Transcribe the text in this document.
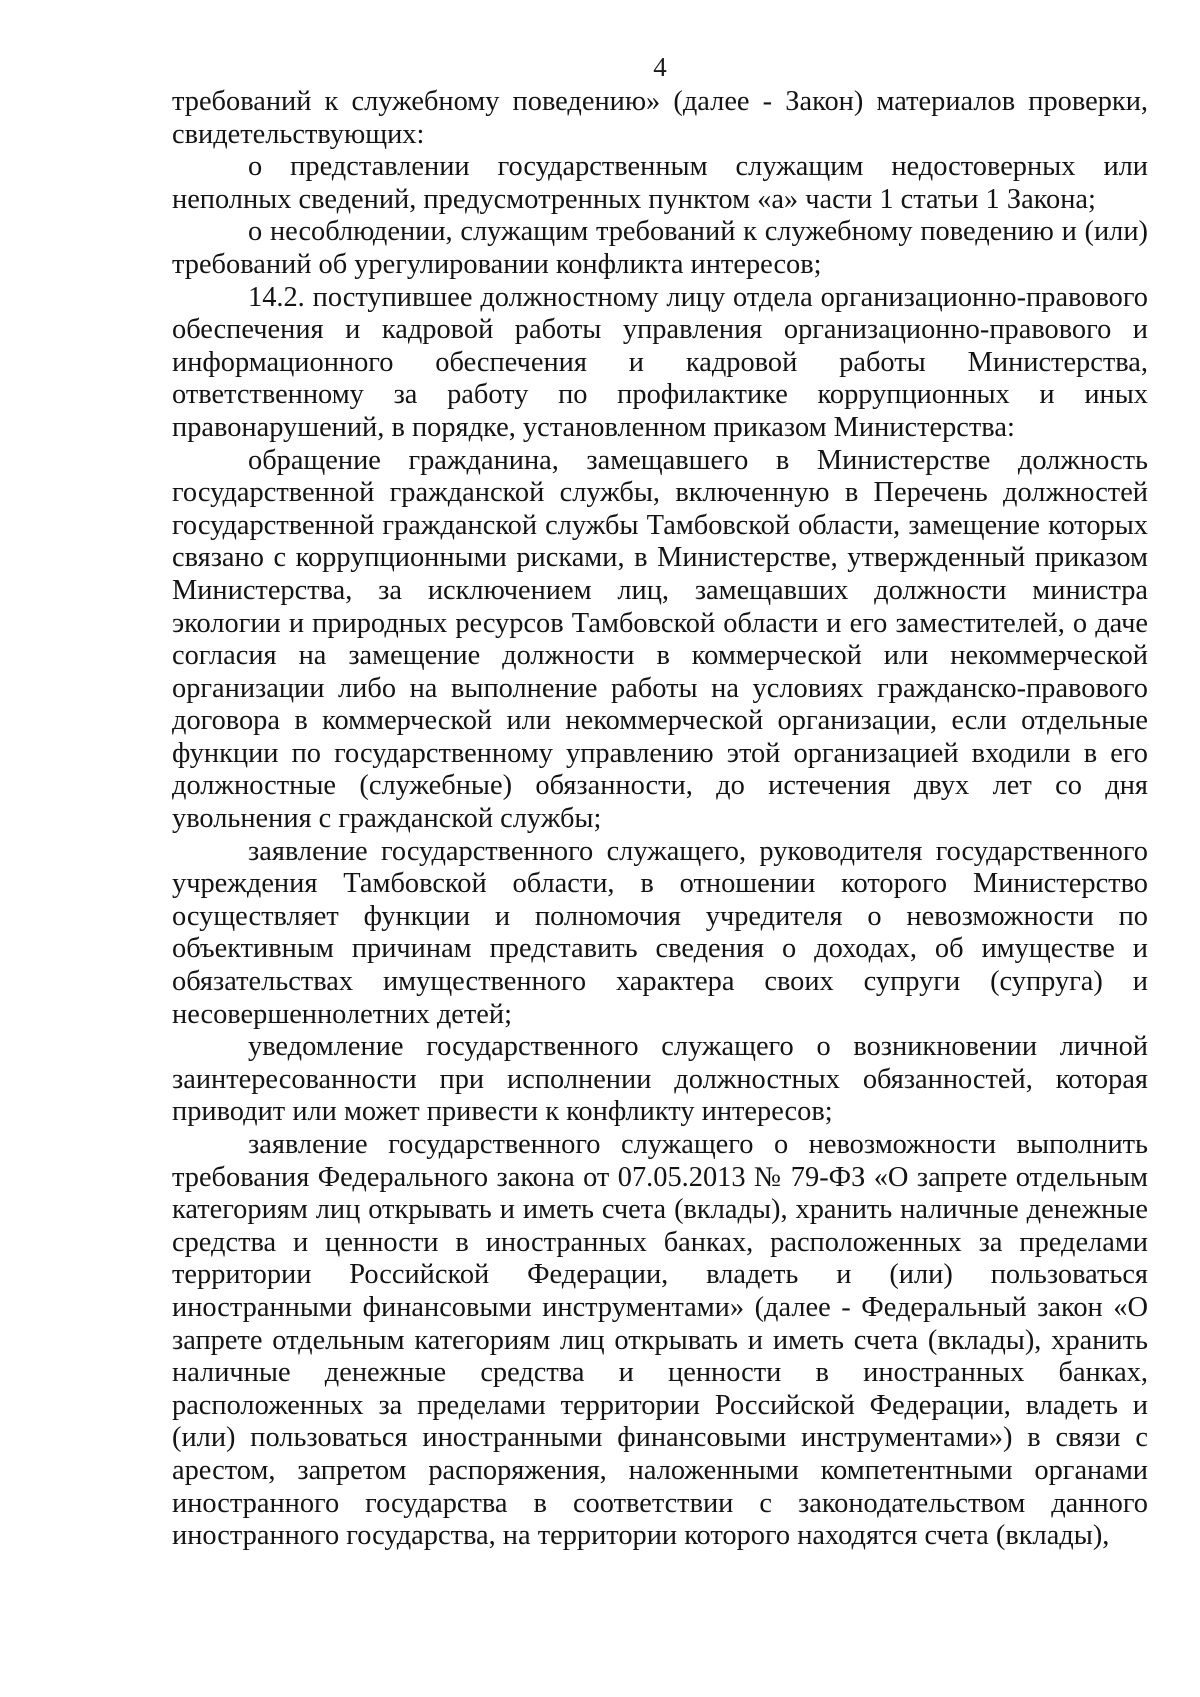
4

требований к служебному поведению» (далее - Закон) материалов проверки, свидетельствующих:

о представлении государственным служащим недостоверных или неполных сведений, предусмотренных пунктом «а» части 1 статьи 1 Закона;

о несоблюдении, служащим требований к служебному поведению и (или) требований об урегулировании конфликта интересов;

14.2. поступившее должностному лицу отдела организационно-правового обеспечения и кадровой работы управления организационно-правового и информационного обеспечения и кадровой работы Министерства, ответственному за работу по профилактике коррупционных и иных правонарушений, в порядке, установленном приказом Министерства:

обращение гражданина, замещавшего в Министерстве должность государственной гражданской службы, включенную в Перечень должностей государственной гражданской службы Тамбовской области, замещение которых связано с коррупционными рисками, в Министерстве, утвержденный приказом Министерства, за исключением лиц, замещавших должности министра экологии и природных ресурсов Тамбовской области и его заместителей, о даче согласия на замещение должности в коммерческой или некоммерческой организации либо на выполнение работы на условиях гражданско-правового договора в коммерческой или некоммерческой организации, если отдельные функции по государственному управлению этой организацией входили в его должностные (служебные) обязанности, до истечения двух лет со дня увольнения с гражданской службы;

заявление государственного служащего, руководителя государственного учреждения Тамбовской области, в отношении которого Министерство осуществляет функции и полномочия учредителя о невозможности по объективным причинам представить сведения о доходах, об имуществе и обязательствах имущественного характера своих супруги (супруга) и несовершеннолетних детей;

уведомление государственного служащего о возникновении личной заинтересованности при исполнении должностных обязанностей, которая приводит или может привести к конфликту интересов;

заявление государственного служащего о невозможности выполнить требования Федерального закона от 07.05.2013 № 79-ФЗ «О запрете отдельным категориям лиц открывать и иметь счета (вклады), хранить наличные денежные средства и ценности в иностранных банках, расположенных за пределами территории Российской Федерации, владеть и (или) пользоваться иностранными финансовыми инструментами» (далее - Федеральный закон «О запрете отдельным категориям лиц открывать и иметь счета (вклады), хранить наличные денежные средства и ценности в иностранных банках, расположенных за пределами территории Российской Федерации, владеть и (или) пользоваться иностранными финансовыми инструментами») в связи с арестом, запретом распоряжения, наложенными компетентными органами иностранного государства в соответствии с законодательством данного иностранного государства, на территории которого находятся счета (вклады),
